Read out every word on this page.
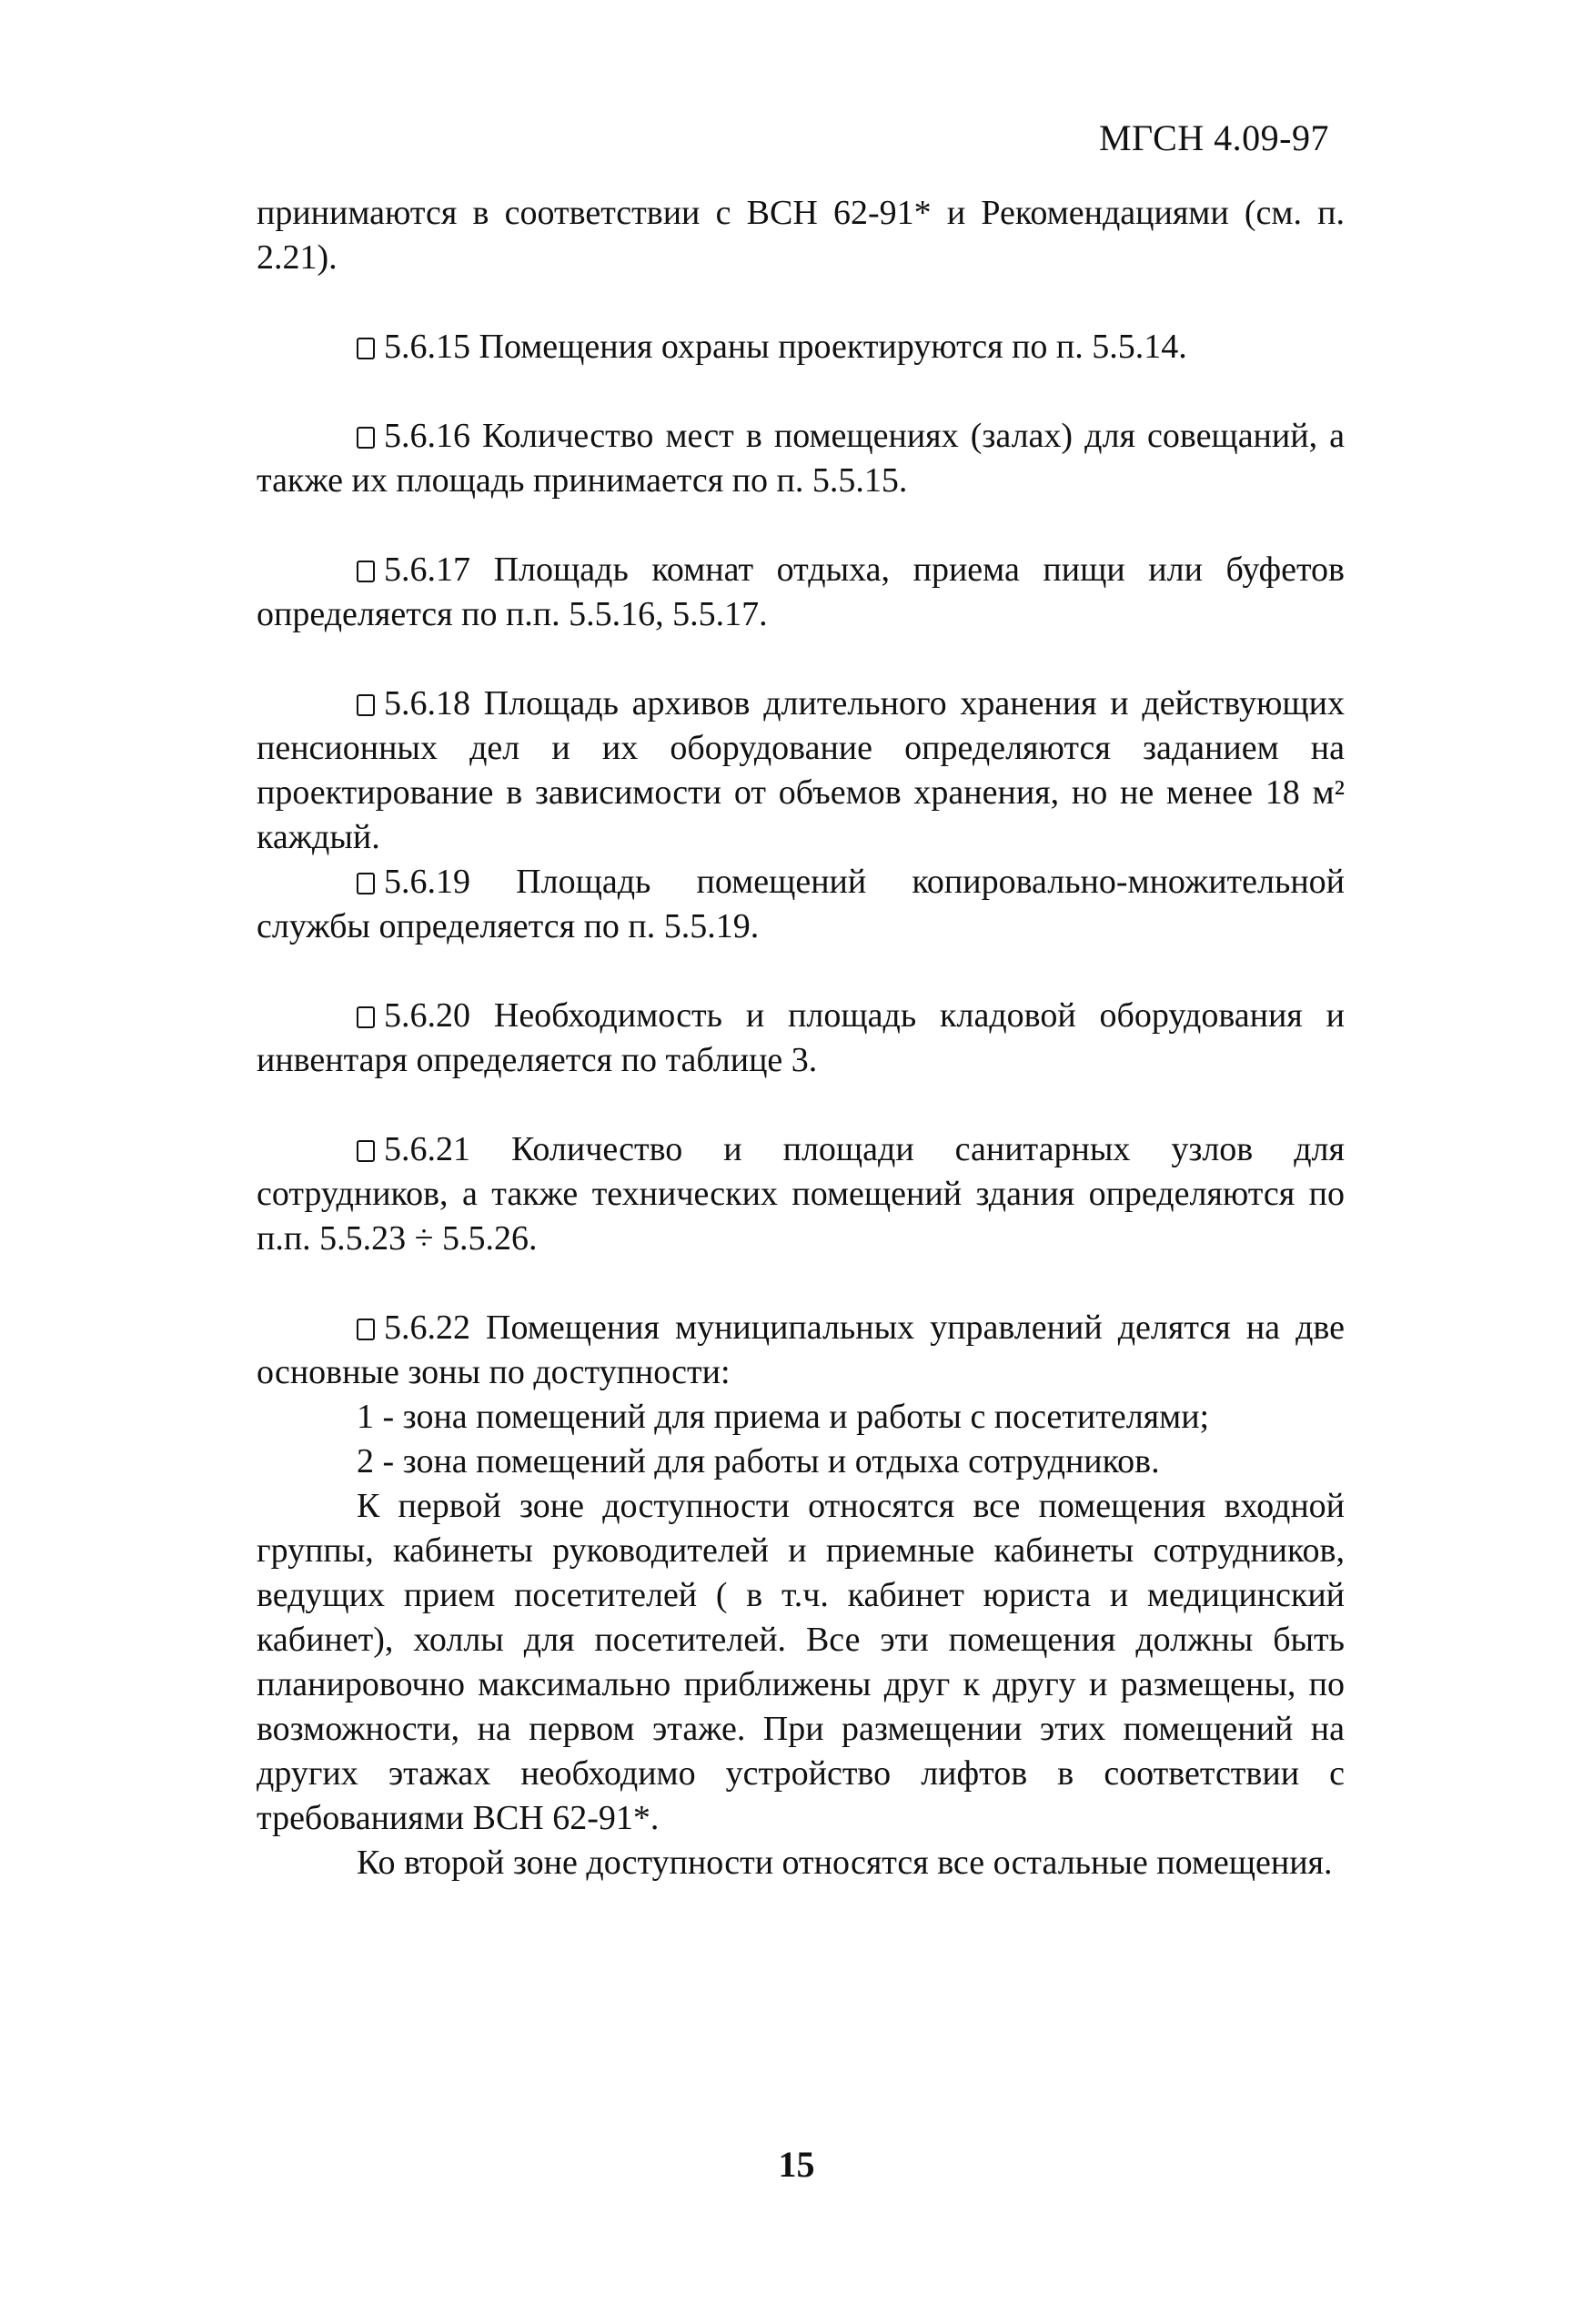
МГСН 4.09-97

принимаются в соответствии с ВСН 62-91* и Рекомендациями (см. п. 2.21).

5.6.15 Помещения охраны проектируются по п. 5.5.14.

5.6.16 Количество мест в помещениях (залах) для совещаний, а также их площадь принимается по п. 5.5.15.

5.6.17 Площадь комнат отдыха, приема пищи или буфетов определяется по п.п. 5.5.16, 5.5.17.

5.6.18 Площадь архивов длительного хранения и действующих пенсионных дел и их оборудование определяются заданием на проектирование в зависимости от объемов хранения, но не менее 18 м² каждый.

5.6.19 Площадь помещений копировально-множительной службы определяется по п. 5.5.19.

5.6.20 Необходимость и площадь кладовой оборудования и инвентаря определяется по таблице 3.

5.6.21 Количество и площади санитарных узлов для сотрудников, а также технических помещений здания определяются по п.п. 5.5.23 ÷ 5.5.26.

5.6.22 Помещения муниципальных управлений делятся на две основные зоны по доступности:

1 - зона помещений для приема и работы с посетителями;

2 - зона помещений для работы и отдыха сотрудников.

К первой зоне доступности относятся все помещения входной группы, кабинеты руководителей и приемные кабинеты сотрудников, ведущих прием посетителей ( в т.ч. кабинет юриста и медицинский кабинет), холлы для посетителей. Все эти помещения должны быть планировочно максимально приближены друг к другу и размещены, по возможности, на первом этаже. При размещении этих помещений на других этажах необходимо устройство лифтов в соответствии с требованиями ВСН 62-91*.

Ко второй зоне доступности относятся все остальные помещения.

15
